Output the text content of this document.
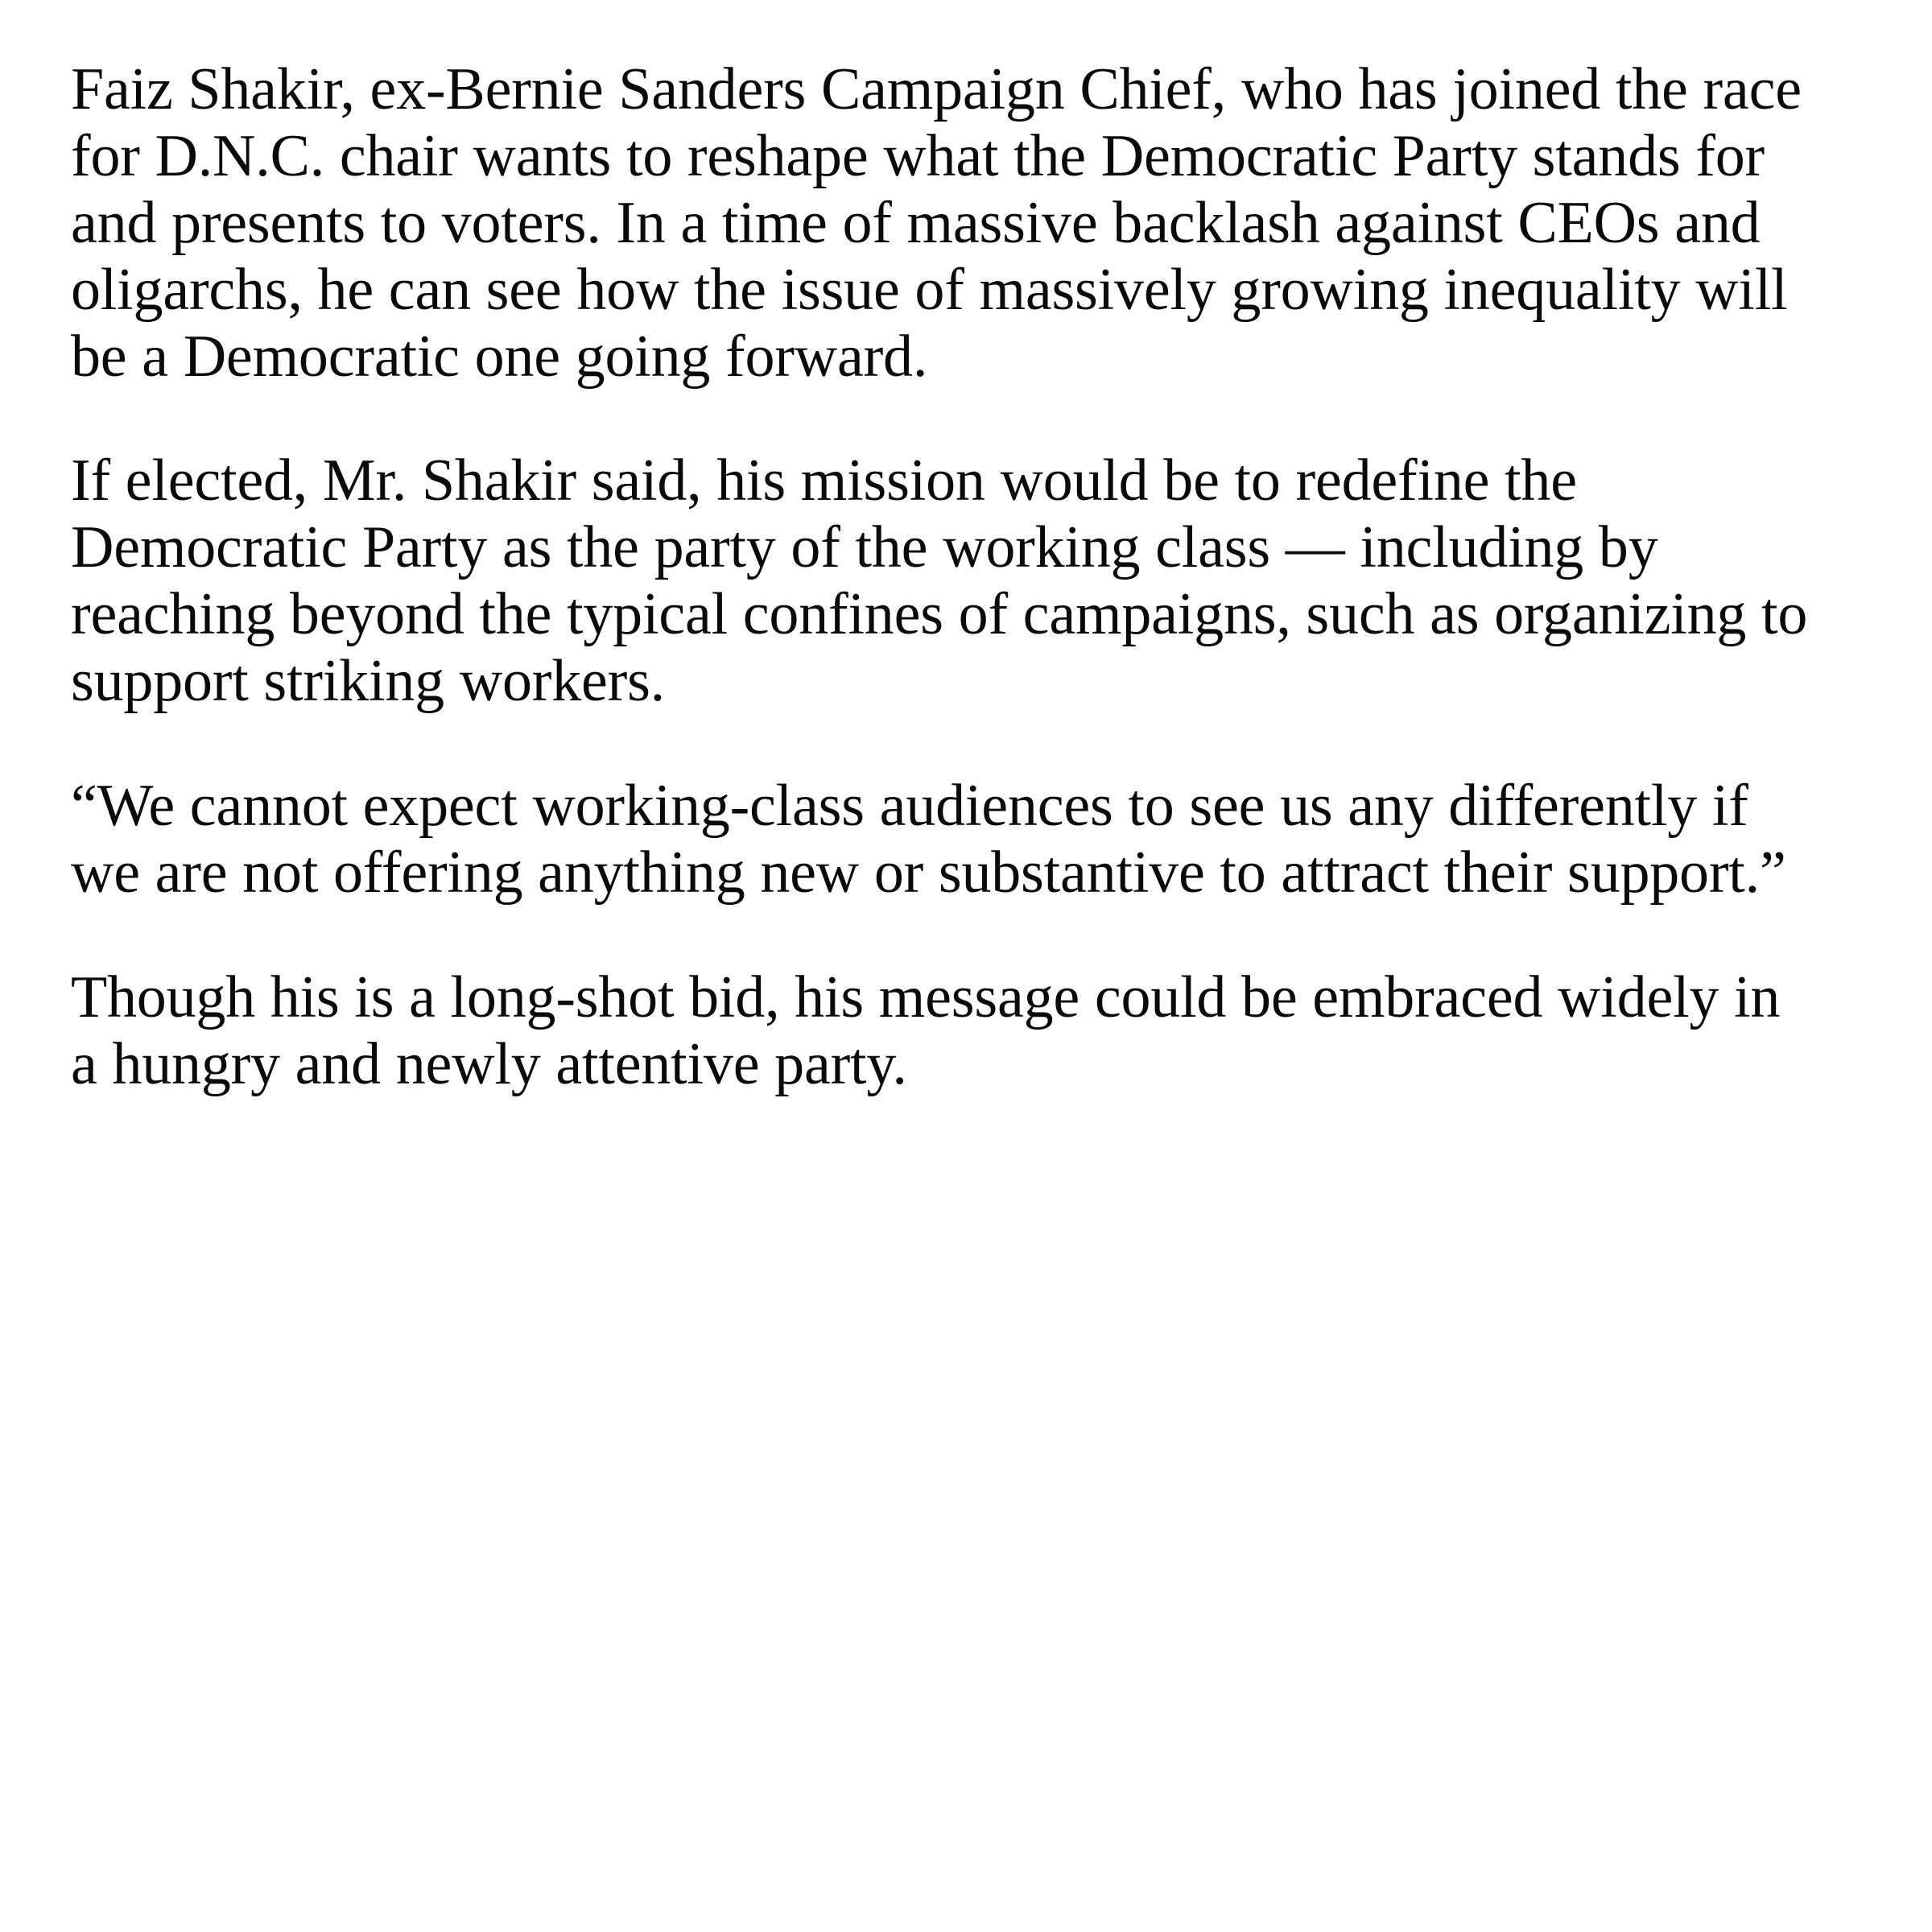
Faiz Shakir, ex-Bernie Sanders Campaign Chief, who has joined the race for D.N.C. chair wants to reshape what the Democratic Party stands for and presents to voters. In a time of massive backlash against CEOs and oligarchs, he can see how the issue of massively growing inequality will be a Democratic one going forward.

If elected, Mr. Shakir said, his mission would be to redefine the Democratic Party as the party of the working class — including by reaching beyond the typical confines of campaigns, such as organizing to support striking workers.

“We cannot expect working-class audiences to see us any differently if we are not offering anything new or substantive to attract their support.”

Though his is a long-shot bid, his message could be embraced widely in a hungry and newly attentive party.
